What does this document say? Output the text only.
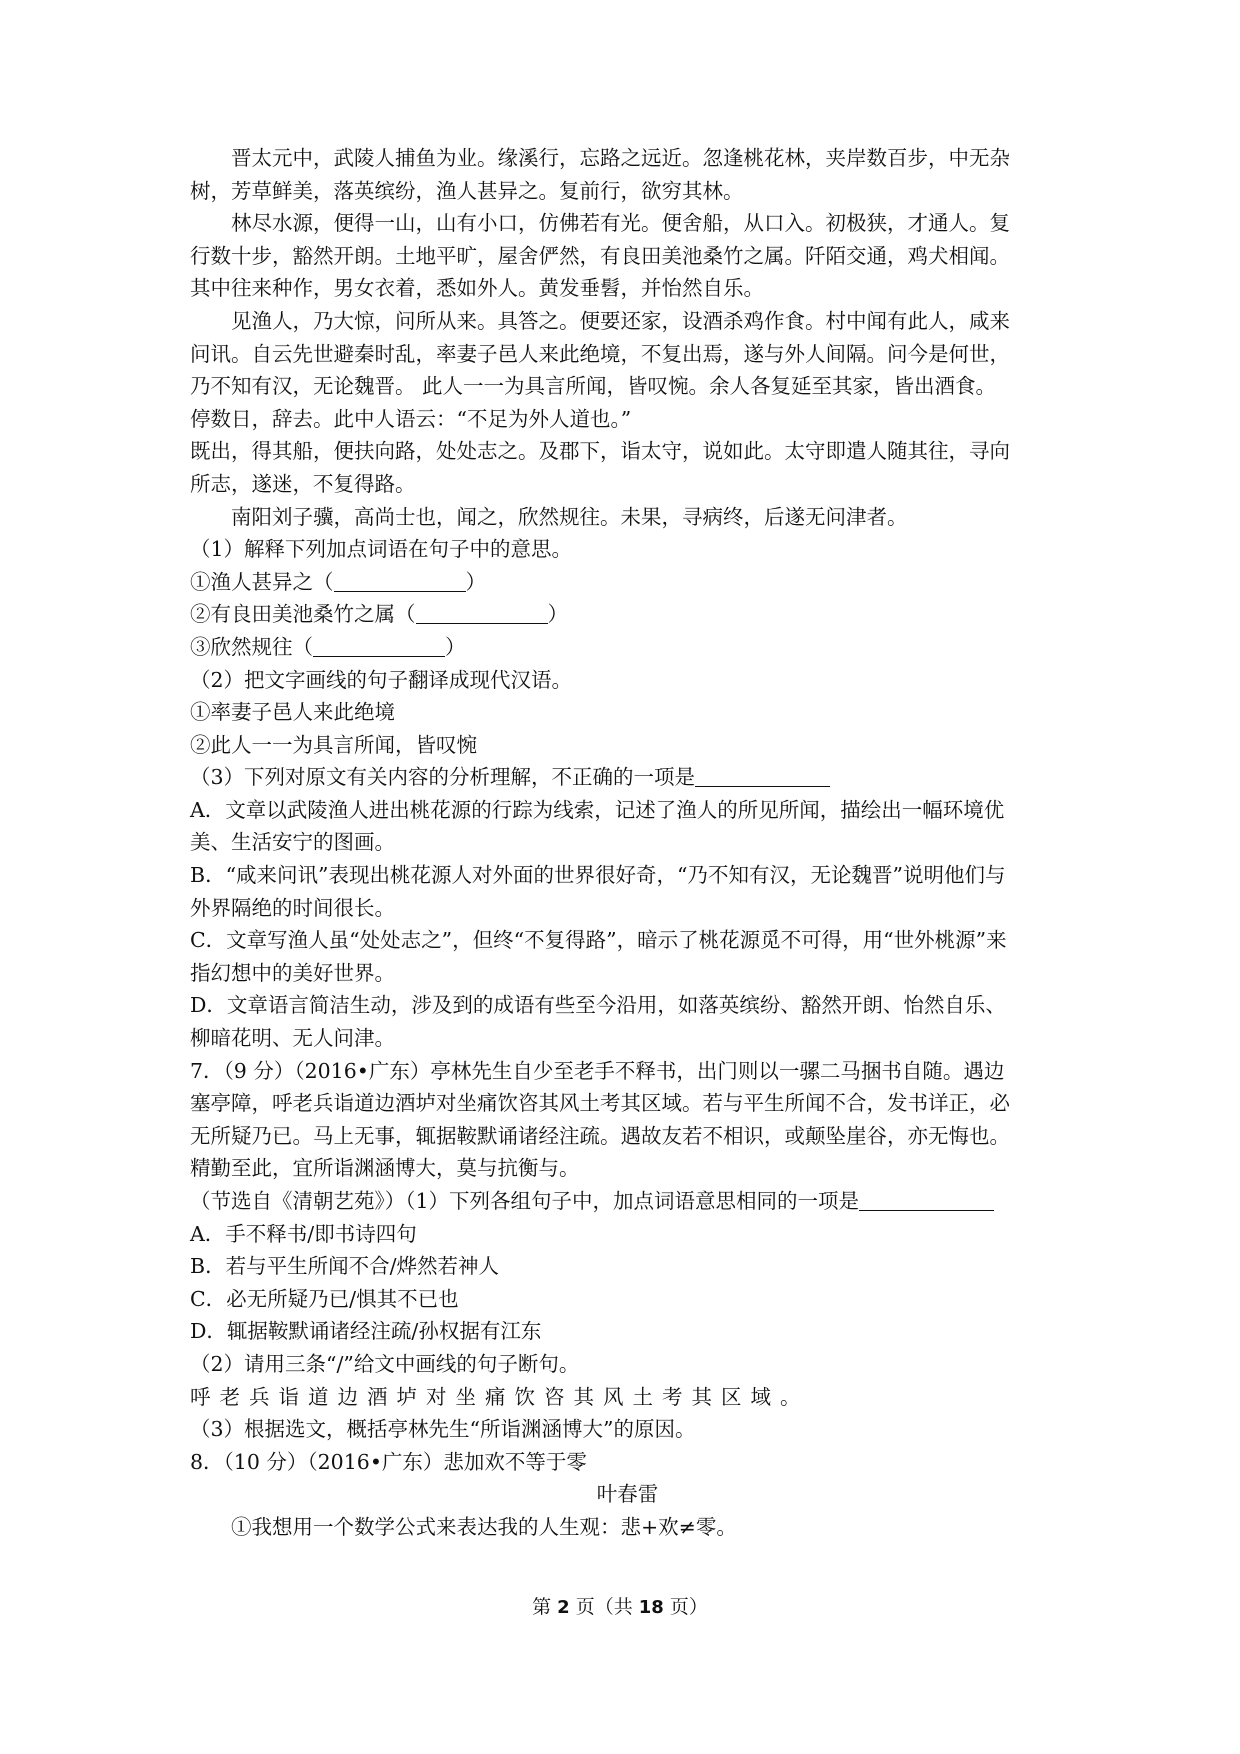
晋太元中，武陵人捕鱼为业。缘溪行，忘路之远近。忽逢桃花林，夹岸数百步，中无杂
树，芳草鲜美，落英缤纷，渔人甚异之。复前行，欲穷其林。
林尽水源，便得一山，山有小口，仿佛若有光。便舍船，从口入。初极狭，才通人。复
行数十步，豁然开朗。土地平旷，屋舍俨然，有良田美池桑竹之属。阡陌交通，鸡犬相闻。
其中往来种作，男女衣着，悉如外人。黄发垂髫，并怡然自乐。
见渔人，乃大惊，问所从来。具答之。便要还家，设酒杀鸡作食。村中闻有此人，咸来
问讯。自云先世避秦时乱，率妻子邑人来此绝境，不复出焉，遂与外人间隔。问今是何世，
乃不知有汉，无论魏晋。 此人一一为具言所闻，皆叹惋。余人各复延至其家，皆出酒食。
停数日，辞去。此中人语云：“不足为外人道也。”
既出，得其船，便扶向路，处处志之。及郡下，诣太守，说如此。太守即遣人随其往，寻向
所志，遂迷，不复得路。
南阳刘子骥，高尚士也，闻之，欣然规往。未果，寻病终，后遂无问津者。
（1）解释下列加点词语在句子中的意思。
①渔人甚异之（	）
②有良田美池桑竹之属（	）
③欣然规往（	）
（2）把文字画线的句子翻译成现代汉语。
①率妻子邑人来此绝境
②此人一一为具言所闻，皆叹惋
（3）下列对原文有关内容的分析理解，不正确的一项是
A．文章以武陵渔人进出桃花源的行踪为线索，记述了渔人的所见所闻，描绘出一幅环境优
美、生活安宁的图画。
B．“咸来问讯”表现出桃花源人对外面的世界很好奇，“乃不知有汉，无论魏晋”说明他们与
外界隔绝的时间很长。
C．文章写渔人虽“处处志之”，但终“不复得路”，暗示了桃花源觅不可得，用“世外桃源”来
指幻想中的美好世界。
D．文章语言简洁生动，涉及到的成语有些至今沿用，如落英缤纷、豁然开朗、怡然自乐、
柳暗花明、无人问津。
7．（9 分）（2016•广东）亭林先生自少至老手不释书，出门则以一骡二马捆书自随。遇边
塞亭障，呼老兵诣道边酒垆对坐痛饮咨其风土考其区域。若与平生所闻不合，发书详正，必
无所疑乃已。马上无事，辄据鞍默诵诸经注疏。遇故友若不相识，或颠坠崖谷，亦无悔也。
精勤至此，宜所诣渊涵博大，莫与抗衡与。
（节选自《清朝艺苑》）（1）下列各组句子中，加点词语意思相同的一项是
A．手不释书/即书诗四句
B．若与平生所闻不合/烨然若神人
C．必无所疑乃已/惧其不已也
D．辄据鞍默诵诸经注疏/孙权据有江东
（2）请用三条“/”给文中画线的句子断句。
呼老兵诣道边酒垆对坐痛饮咨其风土考其区域。
（3）根据选文，概括亭林先生“所诣渊涵博大”的原因。
8．（10 分）（2016•广东）悲加欢不等于零
叶春雷
①我想用一个数学公式来表达我的人生观：悲+欢≠零。
第 2 页（共 18 页）
